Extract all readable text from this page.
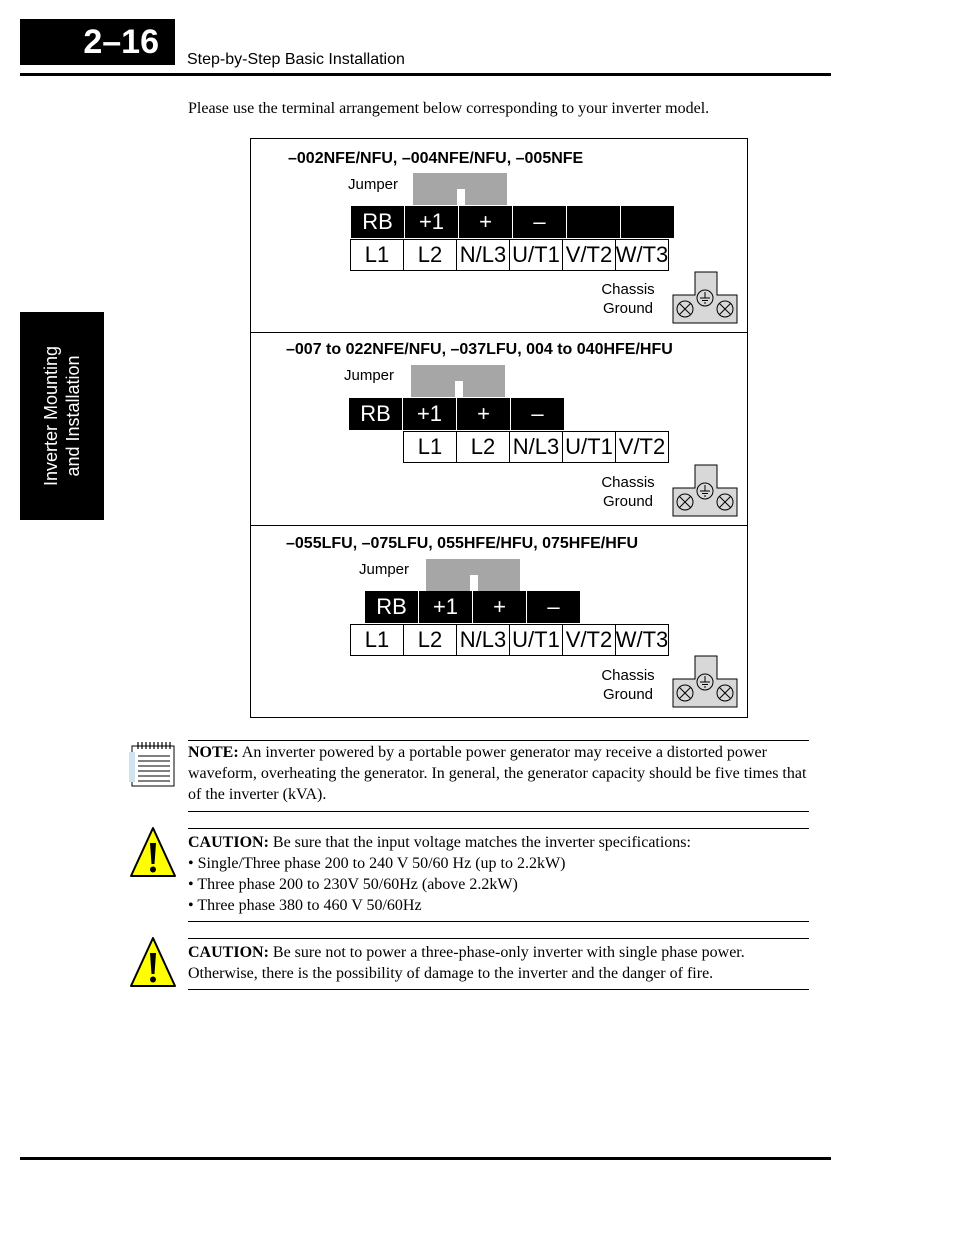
2–16	Step-by-Step Basic Installation
Inverter Mounting and Installation
Please use the terminal arrangement below corresponding to your inverter model.
–002NFE/NFU, –004NFE/NFU, –005NFE
Jumper
RB	+1	+	–
L1	L2 N/L3 U/T1 V/T2 W/T3
Chassis
Ground
–007 to 022NFE/NFU, –037LFU, 004 to 040HFE/HFU
Jumper
RB	+1	+	–
L1	L2 N/L3 U/T1 V/T2
Chassis
Ground
–055LFU, –075LFU, 055HFE/HFU, 075HFE/HFU
Jumper
RB	+1	+	–
L1	L2 N/L3 U/T1 V/T2 W/T3
Chassis
Ground
NOTE: An inverter powered by a portable power generator may receive a distorted power waveform, overheating the generator. In general, the generator capacity should be five times that of the inverter (kVA).
CAUTION: Be sure that the input voltage matches the inverter specifications:
• Single/Three phase 200 to 240 V 50/60 Hz (up to 2.2kW)
• Three phase 200 to 230V 50/60Hz (above 2.2kW)
• Three phase 380 to 460 V 50/60Hz
CAUTION: Be sure not to power a three-phase-only inverter with single phase power. Otherwise, there is the possibility of damage to the inverter and the danger of fire.
